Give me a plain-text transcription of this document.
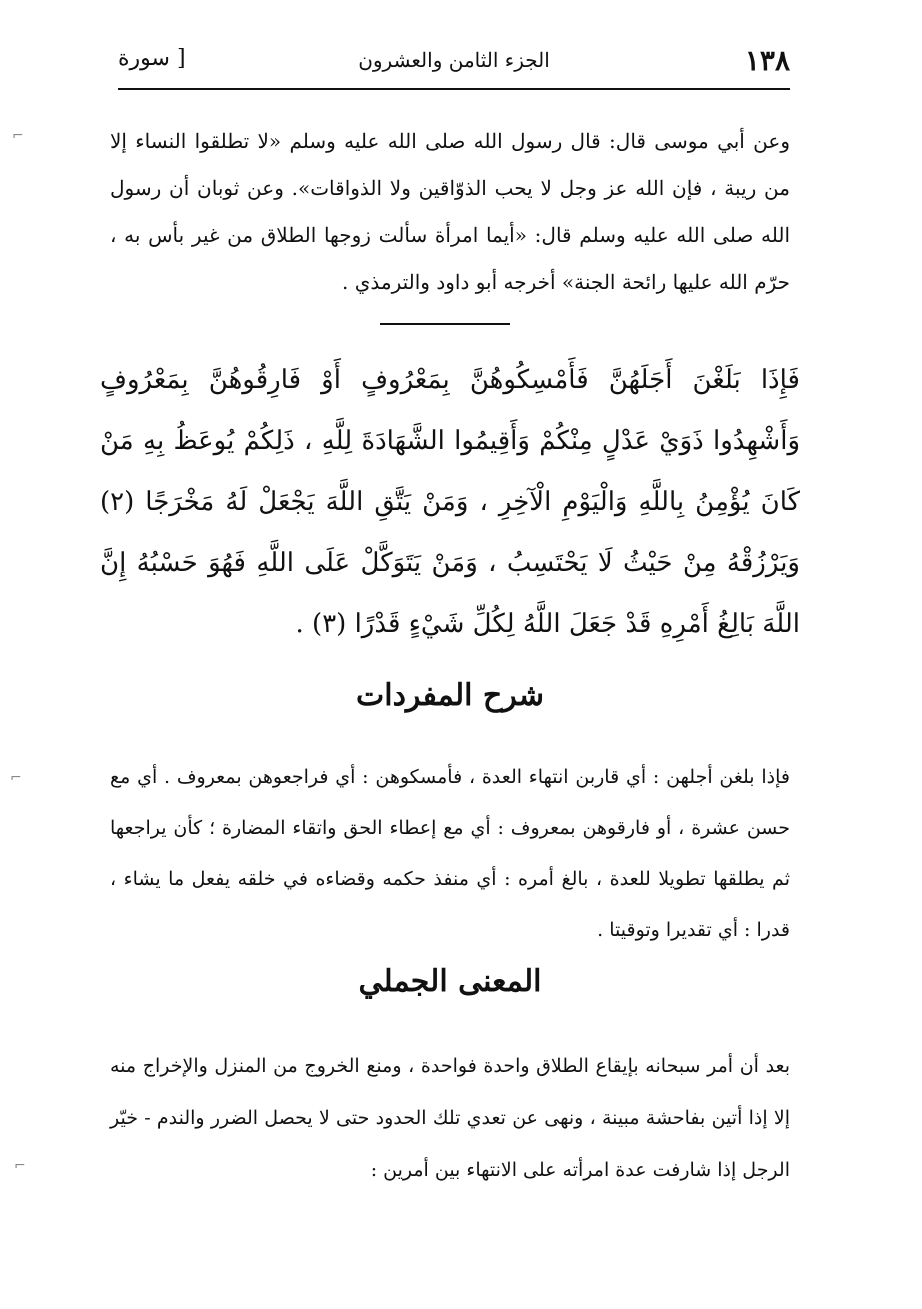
١٣٨
الجزء الثامن والعشرون
[ سورة

وعن أبي موسى قال: قال رسول الله صلى الله عليه وسلم «لا تطلقوا النساء إلا من ريبة ، فإن الله عز وجل لا يحب الذوّاقين ولا الذواقات». وعن ثوبان أن رسول الله صلى الله عليه وسلم قال: «أيما امرأة سألت زوجها الطلاق من غير بأس به ، حرّم الله عليها رائحة الجنة» أخرجه أبو داود والترمذي .

فَإِذَا بَلَغْنَ أَجَلَهُنَّ فَأَمْسِكُوهُنَّ بِمَعْرُوفٍ أَوْ فَارِقُوهُنَّ بِمَعْرُوفٍ وَأَشْهِدُوا ذَوَيْ عَدْلٍ مِنْكُمْ وَأَقِيمُوا الشَّهَادَةَ لِلَّهِ ، ذَلِكُمْ يُوعَظُ بِهِ مَنْ كَانَ يُؤْمِنُ بِاللَّهِ وَالْيَوْمِ الْآخِرِ ، وَمَنْ يَتَّقِ اللَّهَ يَجْعَلْ لَهُ مَخْرَجًا (٢) وَيَرْزُقْهُ مِنْ حَيْثُ لَا يَحْتَسِبُ ، وَمَنْ يَتَوَكَّلْ عَلَى اللَّهِ فَهُوَ حَسْبُهُ إِنَّ اللَّهَ بَالِغُ أَمْرِهِ قَدْ جَعَلَ اللَّهُ لِكُلِّ شَيْءٍ قَدْرًا (٣) .

شرح المفردات

فإذا بلغن أجلهن : أي قاربن انتهاء العدة ، فأمسكوهن : أي فراجعوهن بمعروف . أي مع حسن عشرة ، أو فارقوهن بمعروف : أي مع إعطاء الحق واتقاء المضارة ؛ كأن يراجعها ثم يطلقها تطويلا للعدة ، بالغ أمره : أي منفذ حكمه وقضاءه في خلقه يفعل ما يشاء ، قدرا : أي تقديرا وتوقيتا .

المعنى الجملي

بعد أن أمر سبحانه بإيقاع الطلاق واحدة فواحدة ، ومنع الخروج من المنزل والإخراج منه إلا إذا أتين بفاحشة مبينة ، ونهى عن تعدي تلك الحدود حتى لا يحصل الضرر والندم - خيّر الرجل إذا شارفت عدة امرأته على الانتهاء بين أمرين :

⌐
⌐
⌐
